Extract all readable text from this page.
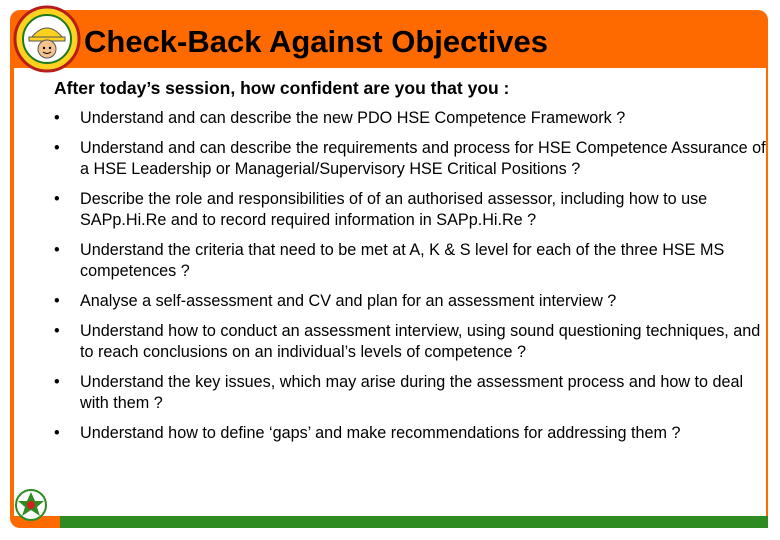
Check-Back Against Objectives

After today’s session, how confident are you that you :

•	Understand and can describe the new PDO HSE Competence Framework ?
•	Understand and can describe the requirements and process for HSE Competence Assurance of a HSE Leadership or Managerial/Supervisory HSE Critical Positions ?
•	Describe the role and responsibilities of of an authorised assessor, including how to use SAPp.Hi.Re and to record required information in SAPp.Hi.Re ?
•	Understand the criteria that need to be met at A, K & S level for each of the three HSE MS competences ?
•	Analyse a self-assessment and CV and plan for an assessment interview ?
•	Understand how to conduct an assessment interview, using sound questioning techniques, and to reach conclusions on an individual’s levels of competence ?
•	Understand the key issues, which may arise during the assessment process and how to deal with them ?
•	Understand how to define ‘gaps’ and make recommendations for addressing them ?
